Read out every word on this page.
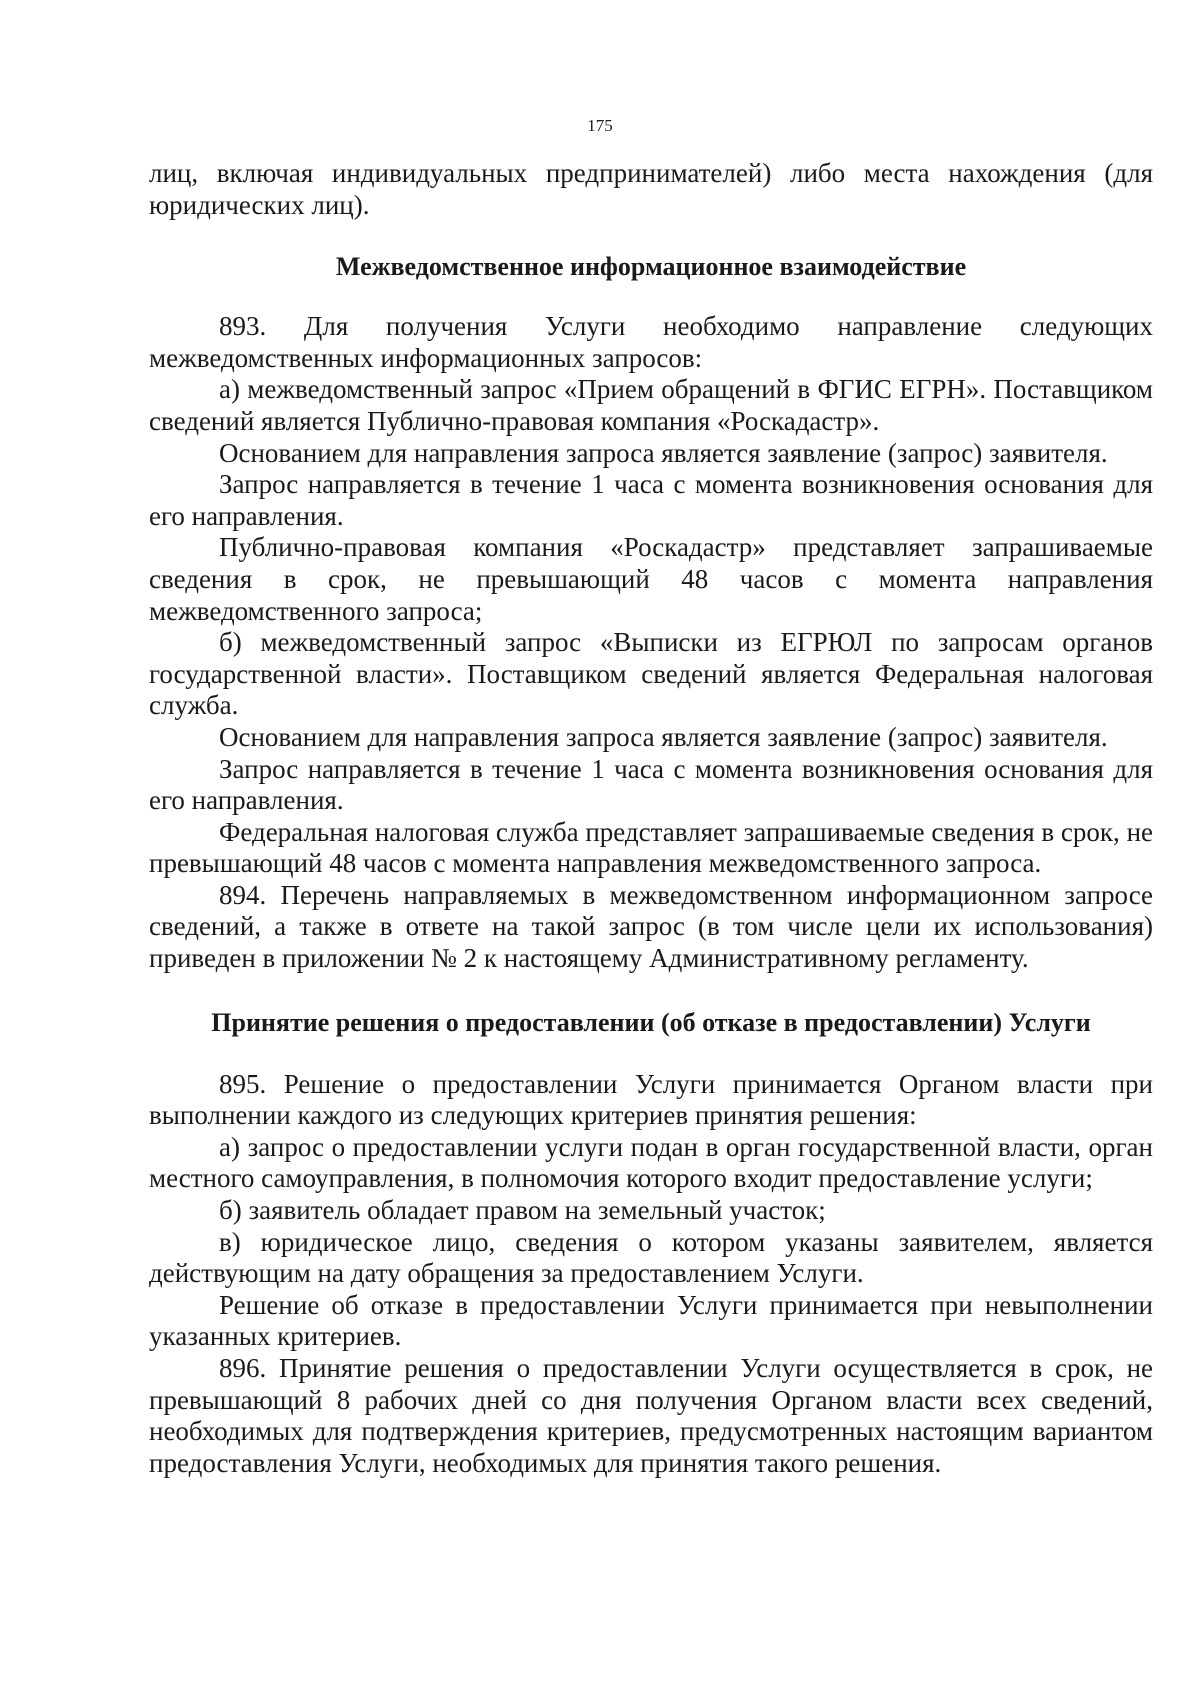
175

лиц, включая индивидуальных предпринимателей) либо места нахождения (для юридических лиц).

Межведомственное информационное взаимодействие

893. Для получения Услуги необходимо направление следующих межведомственных информационных запросов:

а) межведомственный запрос «Прием обращений в ФГИС ЕГРН». Поставщиком сведений является Публично-правовая компания «Роскадастр».

Основанием для направления запроса является заявление (запрос) заявителя.

Запрос направляется в течение 1 часа с момента возникновения основания для его направления.

Публично-правовая компания «Роскадастр» представляет запрашиваемые сведения в срок, не превышающий 48 часов с момента направления межведомственного запроса;

б) межведомственный запрос «Выписки из ЕГРЮЛ по запросам органов государственной власти». Поставщиком сведений является Федеральная налоговая служба.

Основанием для направления запроса является заявление (запрос) заявителя.

Запрос направляется в течение 1 часа с момента возникновения основания для его направления.

Федеральная налоговая служба представляет запрашиваемые сведения в срок, не превышающий 48 часов с момента направления межведомственного запроса.

894. Перечень направляемых в межведомственном информационном запросе сведений, а также в ответе на такой запрос (в том числе цели их использования) приведен в приложении № 2 к настоящему Административному регламенту.

Принятие решения о предоставлении (об отказе в предоставлении) Услуги

895. Решение о предоставлении Услуги принимается Органом власти при выполнении каждого из следующих критериев принятия решения:

а) запрос о предоставлении услуги подан в орган государственной власти, орган местного самоуправления, в полномочия которого входит предоставление услуги;

б) заявитель обладает правом на земельный участок;

в) юридическое лицо, сведения о котором указаны заявителем, является действующим на дату обращения за предоставлением Услуги.

Решение об отказе в предоставлении Услуги принимается при невыполнении указанных критериев.

896. Принятие решения о предоставлении Услуги осуществляется в срок, не превышающий 8 рабочих дней со дня получения Органом власти всех сведений, необходимых для подтверждения критериев, предусмотренных настоящим вариантом предоставления Услуги, необходимых для принятия такого решения.
